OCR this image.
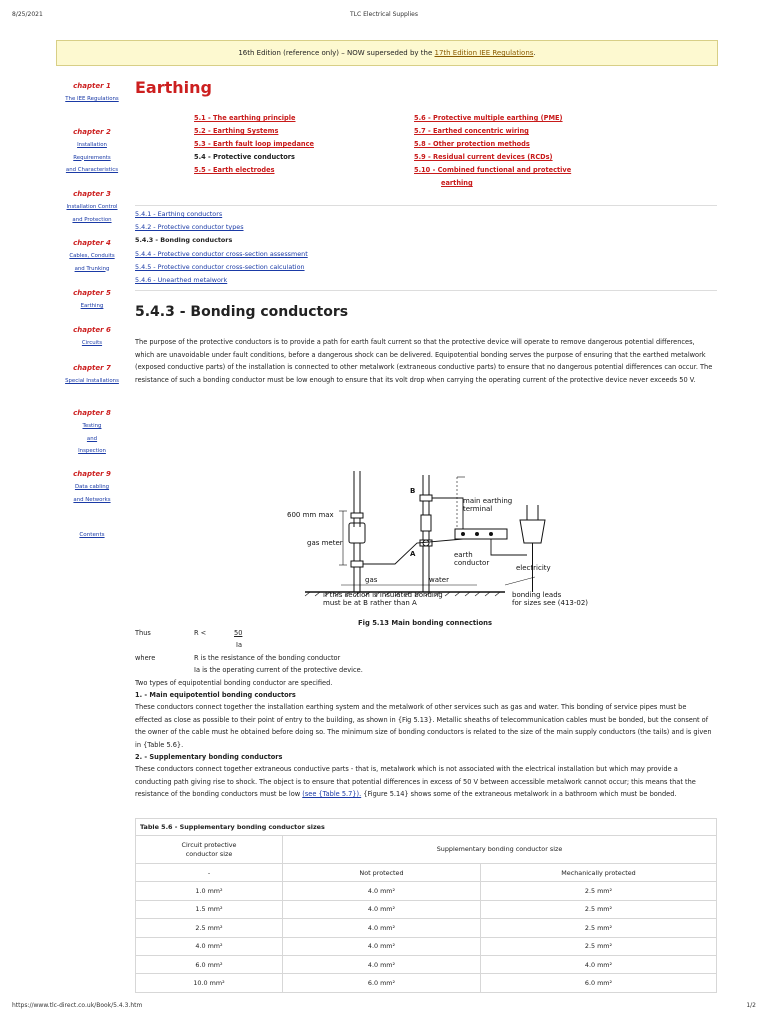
8/25/2021	TLC Electrical Supplies
16th Edition (reference only) – NOW superseded by the 17th Edition IEE Regulations.
chapter 1
The IEE Regulations
chapter 2
Installation
Requirements
and Characteristics
chapter 3
Installation Control
and Protection
chapter 4
Cables, Conduits
and Trunking
chapter 5
Earthing
chapter 6
Circuits
chapter 7
Special Installations
chapter 8
Testing
and
Inspection
chapter 9
Data cabling
and Networks
Contents
Earthing
5.1 - The earthing principle
5.2 - Earthing Systems
5.3 - Earth fault loop impedance
5.4 - Protective conductors
5.5 - Earth electrodes
5.6 - Protective multiple earthing (PME)
5.7 - Earthed concentric wiring
5.8 - Other protection methods
5.9 - Residual current devices (RCDs)
5.10 - Combined functional and protective
earthing
5.4.1 - Earthing conductors
5.4.2 - Protective conductor types
5.4.3 - Bonding conductors
5.4.4 - Protective conductor cross-section assessment
5.4.5 - Protective conductor cross-section calculation
5.4.6 - Unearthed metalwork
5.4.3 - Bonding conductors

The purpose of the protective conductors is to provide a path for earth fault current so that the protective device will operate to remove dangerous potential differences, which are unavoidable under fault conditions, before a dangerous shock can be delivered. Equipotential bonding serves the purpose of ensuring that the earthed metalwork (exposed conductive parts) of the installation is connected to other metalwork (extraneous conductive parts) to ensure that no dangerous potential differences can occur. The resistance of such a bonding conductor must be low enough to ensure that its volt drop when carrying the operating current of the protective device never exceeds 50 V.

B
A
600 mm max
main earthing
terminal
gas meter
earth
conductor
electricity
gas	water
if this section is insulated bonding
must be at B rather than A
bonding leads
for sizes see (413-02)
Fig 5.13 Main bonding connections
Thus	R <	50
Ia
where	R is the resistance of the bonding conductor
Ia is the operating current of the protective device.

Two types of equipotential bonding conductor are specified.

1. - Main equipotentiol bonding conductors

These conductors connect together the installation earthing system and the metalwork of other services such as gas and water. This bonding of service pipes must be effected as close as possible to their point of entry to the building, as shown in {Fig 5.13}. Metallic sheaths of telecommunication cables must be bonded, but the consent of the owner of the cable must he obtained before doing so. The minimum size of bonding conductors is related to the size of the main supply conductors (the tails) and is given in {Table 5.6}.

2. - Supplementary bonding conductors

These conductors connect together extraneous conductive parts - that is, metalwork which is not associated with the electrical installation but which may provide a conducting path giving rise to shock. The object is to ensure that potential differences in excess of 50 V between accessible metalwork cannot occur; this means that the resistance of the bonding conductors must be low (see {Table 5.7}). {Figure 5.14} shows some of the extraneous metalwork in a bathroom which must be bonded.

Table 5.6 - Supplementary bonding conductor sizes		
Circuit protective
conductor size	Supplementary bonding conductor size	
-	Not protected	Mechanically protected
1.0 mm²	4.0 mm²	2.5 mm²
1.5 mm²	4.0 mm²	2.5 mm²
2.5 mm²	4.0 mm²	2.5 mm²
4.0 mm²	4.0 mm²	2.5 mm²
6.0 mm²	4.0 mm²	4.0 mm²
10.0 mm²	6.0 mm²	6.0 mm²
https://www.tlc-direct.co.uk/Book/5.4.3.htm	1/2
